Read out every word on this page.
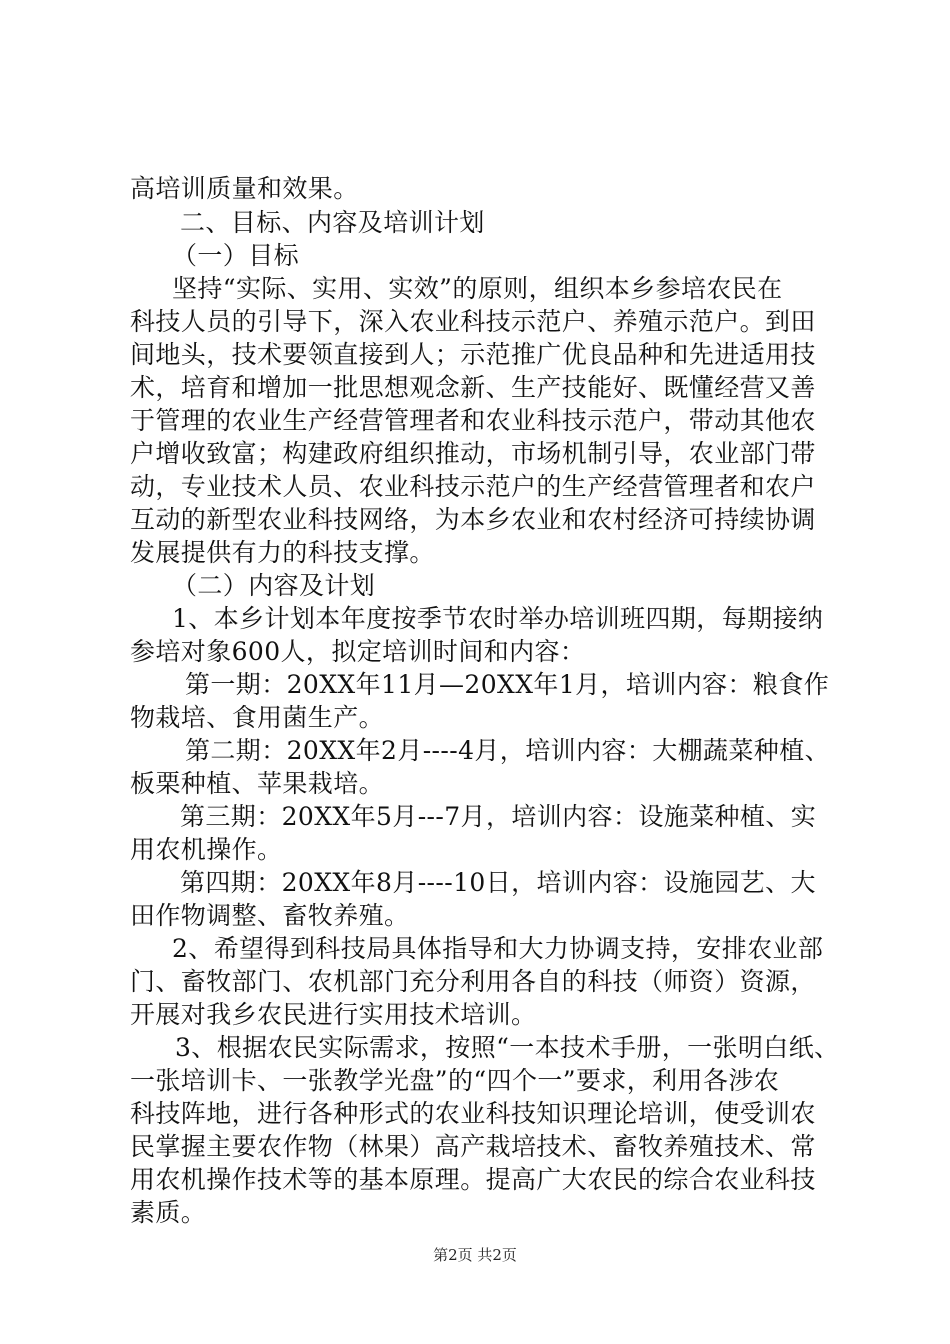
高培训质量和效果。
二、目标、内容及培训计划
（一）目标
坚持“实际、实用、实效”的原则，组织本乡参培农民在
科技人员的引导下，深入农业科技示范户、养殖示范户。到田
间地头，技术要领直接到人；示范推广优良品种和先进适用技
术，培育和增加一批思想观念新、生产技能好、既懂经营又善
于管理的农业生产经营管理者和农业科技示范户，带动其他农
户增收致富；构建政府组织推动，市场机制引导，农业部门带
动，专业技术人员、农业科技示范户的生产经营管理者和农户
互动的新型农业科技网络，为本乡农业和农村经济可持续协调
发展提供有力的科技支撑。
（二）内容及计划
1、本乡计划本年度按季节农时举办培训班四期，每期接纳
参培对象600人，拟定培训时间和内容：
第一期：20XX年11月—20XX年1月，培训内容：粮食作
物栽培、食用菌生产。
第二期：20XX年2月----4月，培训内容：大棚蔬菜种植、
板栗种植、苹果栽培。
第三期：20XX年5月---7月，培训内容：设施菜种植、实
用农机操作。
第四期：20XX年8月----10日，培训内容：设施园艺、大
田作物调整、畜牧养殖。
2、希望得到科技局具体指导和大力协调支持，安排农业部
门、畜牧部门、农机部门充分利用各自的科技（师资）资源，
开展对我乡农民进行实用技术培训。
3、根据农民实际需求，按照“一本技术手册，一张明白纸、
一张培训卡、一张教学光盘”的“四个一”要求，利用各涉农
科技阵地，进行各种形式的农业科技知识理论培训，使受训农
民掌握主要农作物（林果）高产栽培技术、畜牧养殖技术、常
用农机操作技术等的基本原理。提高广大农民的综合农业科技
素质。
第2页 共2页
